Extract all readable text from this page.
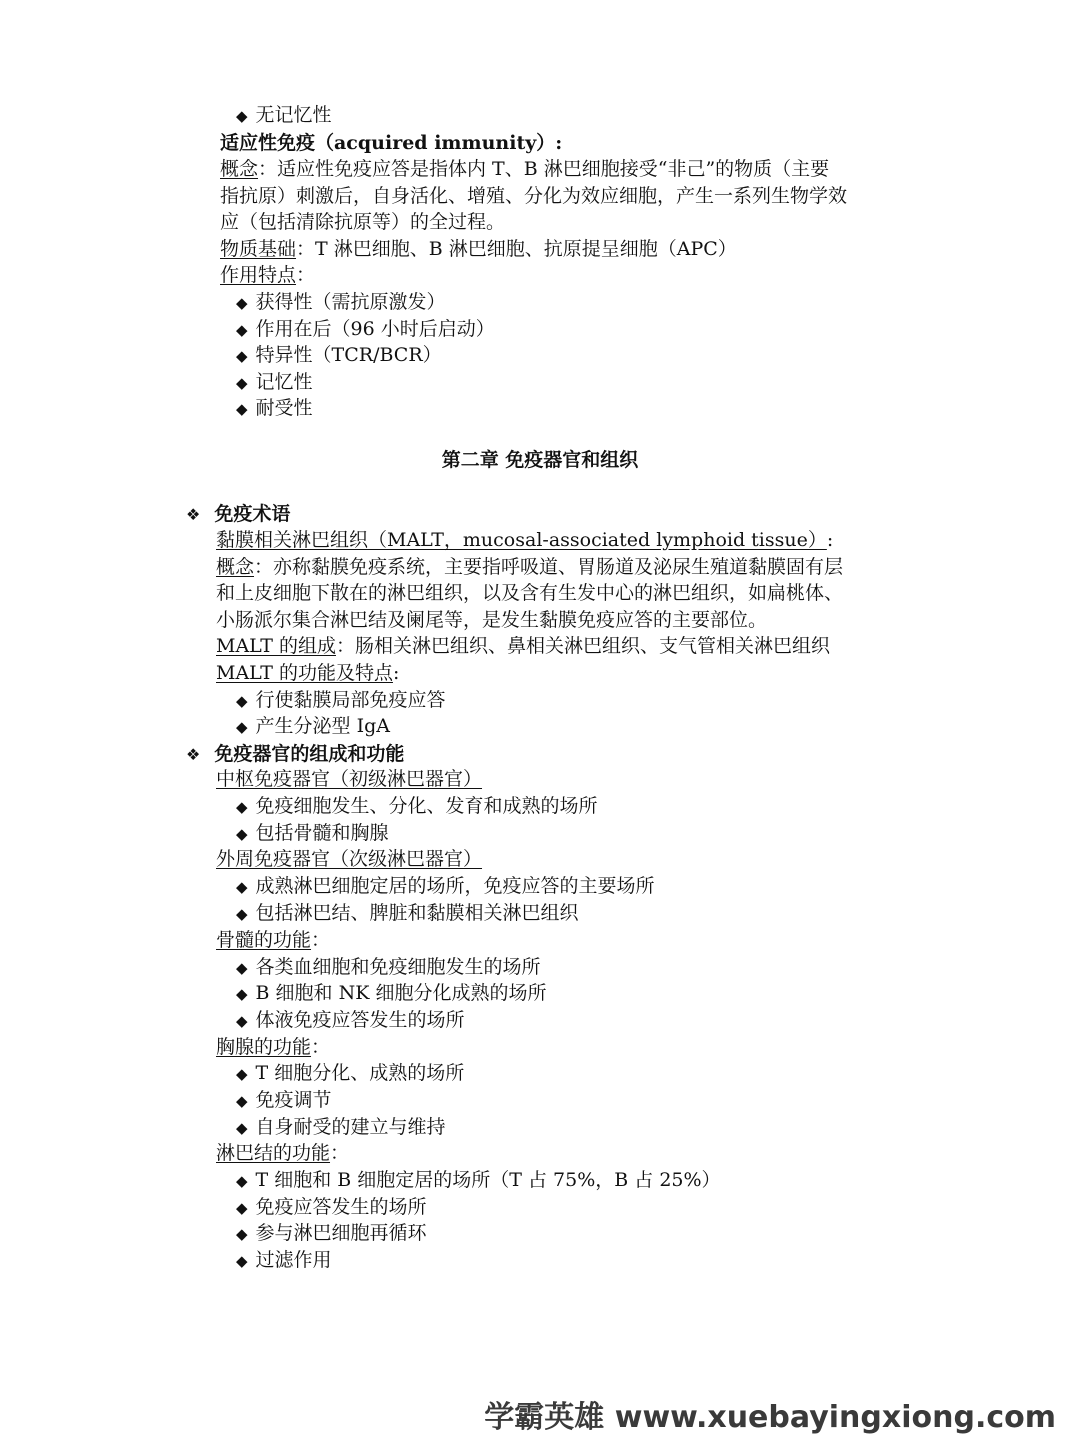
◆ 无记忆性
适应性免疫（acquired immunity）:
概念：适应性免疫应答是指体内 T、B 淋巴细胞接受“非己”的物质（主要
指抗原）刺激后，自身活化、增殖、分化为效应细胞，产生一系列生物学效
应（包括清除抗原等）的全过程。
物质基础：T 淋巴细胞、B 淋巴细胞、抗原提呈细胞（APC）
作用特点：
◆ 获得性（需抗原激发）
◆ 作用在后（96 小时后启动）
◆ 特异性（TCR/BCR）
◆ 记忆性
◆ 耐受性
第二章 免疫器官和组织
❖ 免疫术语
黏膜相关淋巴组织（MALT，mucosal-associated lymphoid tissue）:
概念：亦称黏膜免疫系统，主要指呼吸道、胃肠道及泌尿生殖道黏膜固有层
和上皮细胞下散在的淋巴组织，以及含有生发中心的淋巴组织，如扁桃体、
小肠派尔集合淋巴结及阑尾等，是发生黏膜免疫应答的主要部位。
MALT 的组成：肠相关淋巴组织、鼻相关淋巴组织、支气管相关淋巴组织
MALT 的功能及特点:
◆ 行使黏膜局部免疫应答
◆ 产生分泌型 IgA
❖ 免疫器官的组成和功能
中枢免疫器官（初级淋巴器官）
◆ 免疫细胞发生、分化、发育和成熟的场所
◆ 包括骨髓和胸腺
外周免疫器官（次级淋巴器官）
◆ 成熟淋巴细胞定居的场所，免疫应答的主要场所
◆ 包括淋巴结、脾脏和黏膜相关淋巴组织
骨髓的功能：
◆ 各类血细胞和免疫细胞发生的场所
◆ B 细胞和 NK 细胞分化成熟的场所
◆ 体液免疫应答发生的场所
胸腺的功能：
◆ T 细胞分化、成熟的场所
◆ 免疫调节
◆ 自身耐受的建立与维持
淋巴结的功能：
◆ T 细胞和 B 细胞定居的场所（T 占 75%，B 占 25%）
◆ 免疫应答发生的场所
◆ 参与淋巴细胞再循环
◆ 过滤作用
学霸英雄 www.xuebayingxiong.com
